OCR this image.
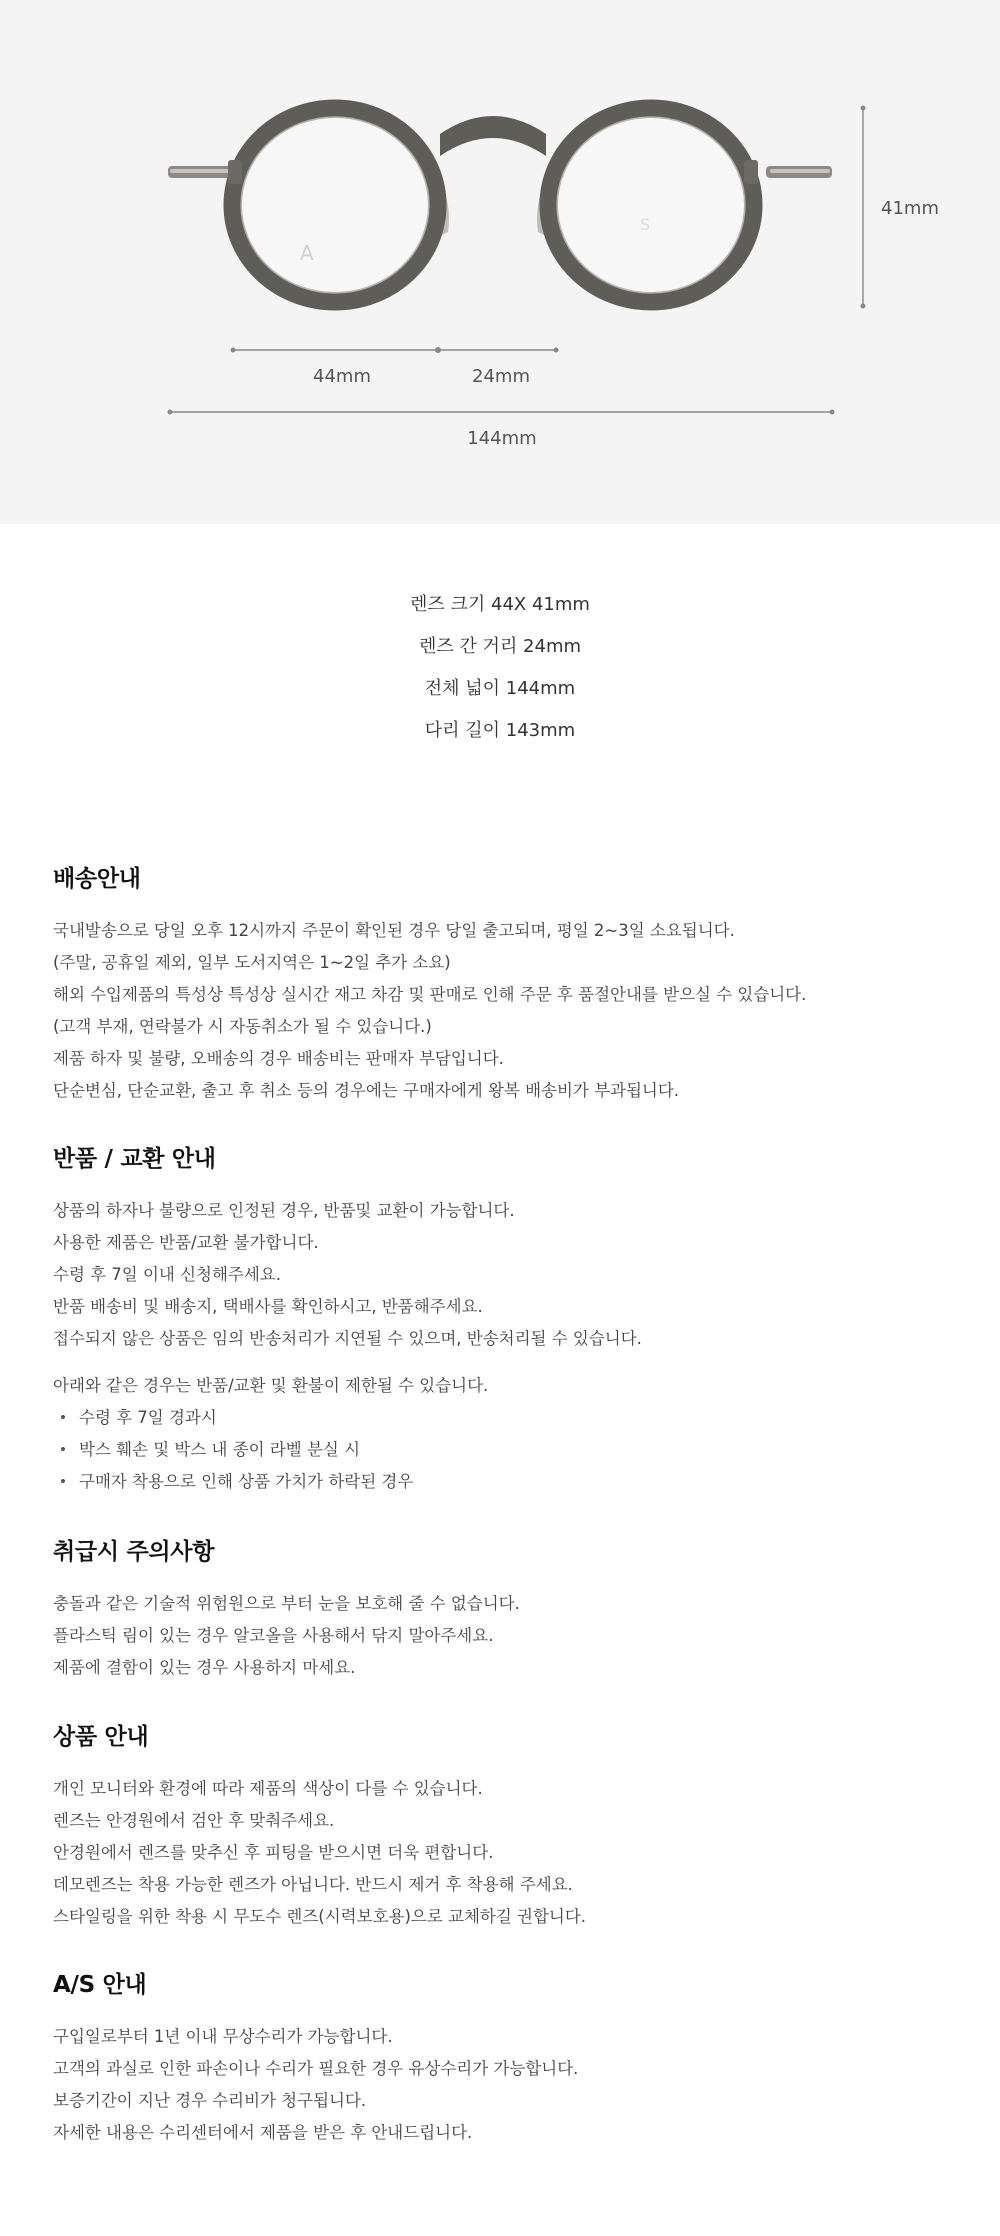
A
S
41mm
44mm	24mm
144mm
렌즈 크기 44X 41mm
렌즈 간 거리 24mm
전체 넓이 144mm
다리 길이 143mm
배송안내
국내발송으로 당일 오후 12시까지 주문이 확인된 경우 당일 출고되며, 평일 2~3일 소요됩니다.
(주말, 공휴일 제외, 일부 도서지역은 1~2일 추가 소요)
해외 수입제품의 특성상 특성상 실시간 재고 차감 및 판매로 인해 주문 후 품절안내를 받으실 수 있습니다.
(고객 부재, 연락불가 시 자동취소가 될 수 있습니다.)
제품 하자 및 불량, 오배송의 경우 배송비는 판매자 부담입니다.
단순변심, 단순교환, 출고 후 취소 등의 경우에는 구매자에게 왕복 배송비가 부과됩니다.
반품 / 교환 안내
상품의 하자나 불량으로 인정된 경우, 반품및 교환이 가능합니다.
사용한 제품은 반품/교환 불가합니다.
수령 후 7일 이내 신청해주세요.
반품 배송비 및 배송지, 택배사를 확인하시고, 반품해주세요.
접수되지 않은 상품은 임의 반송처리가 지연될 수 있으며, 반송처리될 수 있습니다.
아래와 같은 경우는 반품/교환 및 환불이 제한될 수 있습니다.
수령 후 7일 경과시
박스 훼손 및 박스 내 종이 라벨 분실 시
구매자 착용으로 인해 상품 가치가 하락된 경우
취급시 주의사항
충돌과 같은 기술적 위험원으로 부터 눈을 보호해 줄 수 없습니다.
플라스틱 림이 있는 경우 알코올을 사용해서 닦지 말아주세요.
제품에 결함이 있는 경우 사용하지 마세요.
상품 안내
개인 모니터와 환경에 따라 제품의 색상이 다를 수 있습니다.
렌즈는 안경원에서 검안 후 맞춰주세요.
안경원에서 렌즈를 맞추신 후 피팅을 받으시면 더욱 편합니다.
데모렌즈는 착용 가능한 렌즈가 아닙니다. 반드시 제거 후 착용해 주세요.
스타일링을 위한 착용 시 무도수 렌즈(시력보호용)으로 교체하길 권합니다.
A/S 안내
구입일로부터 1년 이내 무상수리가 가능합니다.
고객의 과실로 인한 파손이나 수리가 필요한 경우 유상수리가 가능합니다.
보증기간이 지난 경우 수리비가 청구됩니다.
자세한 내용은 수리센터에서 제품을 받은 후 안내드립니다.
